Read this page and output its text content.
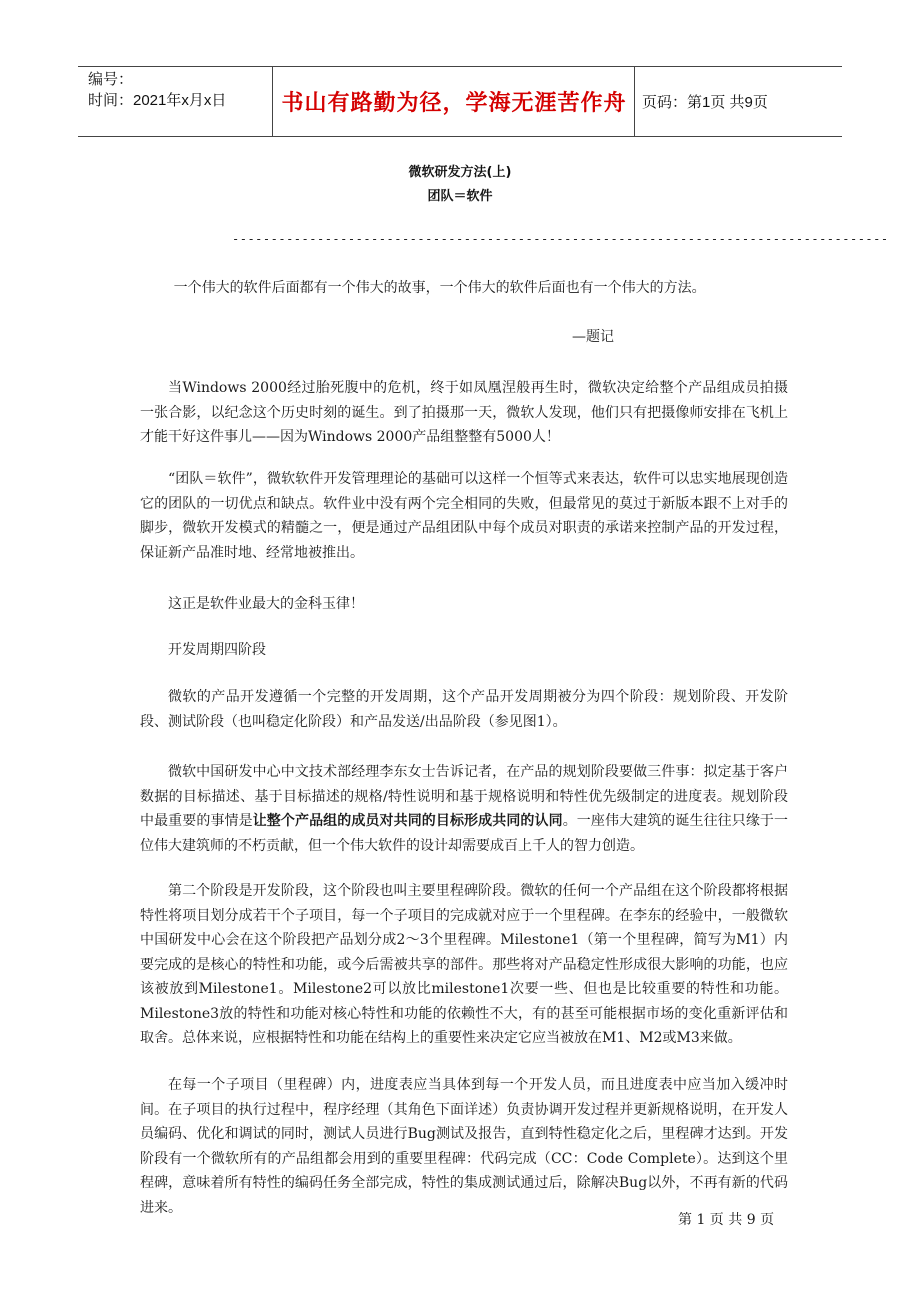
编号：
时间：2021年x月x日	书山有路勤为径，学海无涯苦作舟	页码：第1页 共9页
微软研发方法(上)
团队＝软件
-------------------------------------------------------------------------------------
一个伟大的软件后面都有一个伟大的故事，一个伟大的软件后面也有一个伟大的方法。
—题记
当Windows 2000经过胎死腹中的危机，终于如凤凰涅般再生时，微软决定给整个产品组成员拍摄一张合影，以纪念这个历史时刻的诞生。到了拍摄那一天，微软人发现，他们只有把摄像师安排在飞机上才能干好这件事儿——因为Windows 2000产品组整整有5000人！
“团队＝软件”，微软软件开发管理理论的基础可以这样一个恒等式来表达，软件可以忠实地展现创造它的团队的一切优点和缺点。软件业中没有两个完全相同的失败，但最常见的莫过于新版本跟不上对手的脚步，微软开发模式的精髓之一，便是通过产品组团队中每个成员对职责的承诺来控制产品的开发过程，保证新产品准时地、经常地被推出。
这正是软件业最大的金科玉律！
开发周期四阶段
微软的产品开发遵循一个完整的开发周期，这个产品开发周期被分为四个阶段：规划阶段、开发阶段、测试阶段（也叫稳定化阶段）和产品发送/出品阶段（参见图1）。
微软中国研发中心中文技术部经理李东女士告诉记者，在产品的规划阶段要做三件事：拟定基于客户数据的目标描述、基于目标描述的规格/特性说明和基于规格说明和特性优先级制定的进度表。规划阶段中最重要的事情是让整个产品组的成员对共同的目标形成共同的认同。一座伟大建筑的诞生往往只缘于一位伟大建筑师的不朽贡献，但一个伟大软件的设计却需要成百上千人的智力创造。
第二个阶段是开发阶段，这个阶段也叫主要里程碑阶段。微软的任何一个产品组在这个阶段都将根据特性将项目划分成若干个子项目，每一个子项目的完成就对应于一个里程碑。在李东的经验中，一般微软中国研发中心会在这个阶段把产品划分成2～3个里程碑。Milestone1（第一个里程碑，简写为M1）内要完成的是核心的特性和功能，或今后需被共享的部件。那些将对产品稳定性形成很大影响的功能，也应该被放到Milestone1。Milestone2可以放比milestone1次要一些、但也是比较重要的特性和功能。Milestone3放的特性和功能对核心特性和功能的依赖性不大，有的甚至可能根据市场的变化重新评估和取舍。总体来说，应根据特性和功能在结构上的重要性来决定它应当被放在M1、M2或M3来做。
在每一个子项目（里程碑）内，进度表应当具体到每一个开发人员，而且进度表中应当加入缓冲时间。在子项目的执行过程中，程序经理（其角色下面详述）负责协调开发过程并更新规格说明，在开发人员编码、优化和调试的同时，测试人员进行Bug测试及报告，直到特性稳定化之后，里程碑才达到。开发阶段有一个微软所有的产品组都会用到的重要里程碑：代码完成（CC：Code Complete）。达到这个里程碑，意味着所有特性的编码任务全部完成，特性的集成测试通过后，除解决Bug以外，不再有新的代码进来。
第 1 页 共 9 页
